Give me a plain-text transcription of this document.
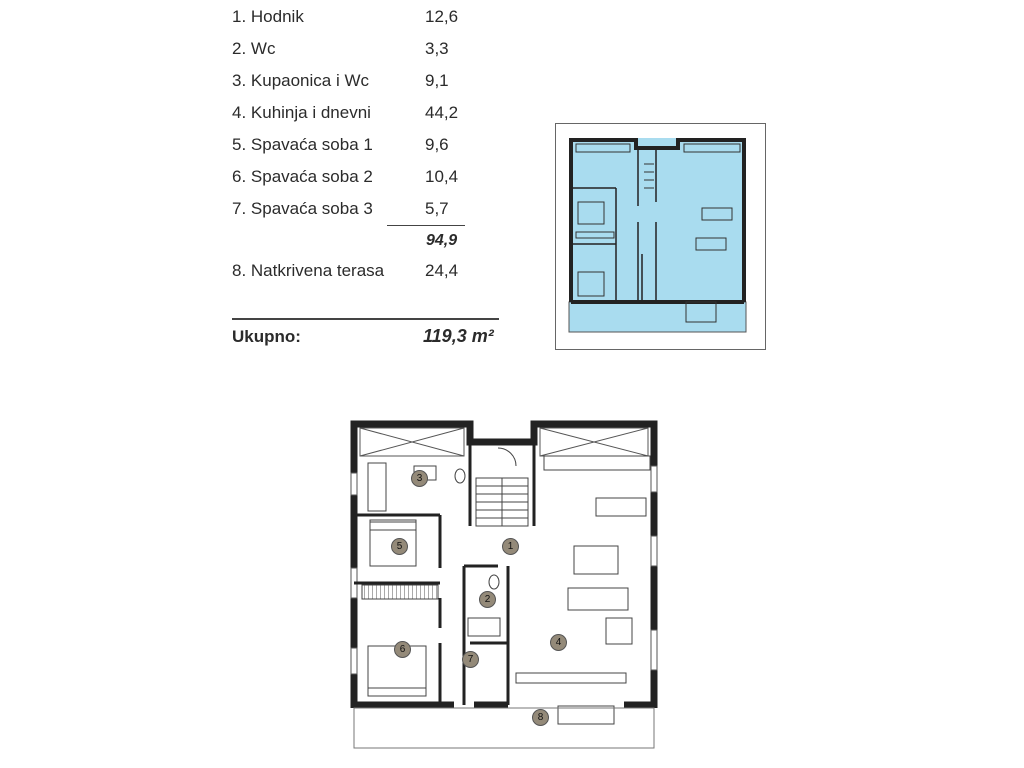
1. Hodnik	12,6
2. Wc	3,3
3. Kupaonica i Wc	9,1
4. Kuhinja i dnevni	44,2
5. Spavaća soba 1	9,6
6. Spavaća soba 2	10,4
7. Spavaća soba 3	5,7
94,9
8. Natkrivena terasa 24,4
Ukupno:	119,3 m²
1
2
3
4
5
6
7
8
